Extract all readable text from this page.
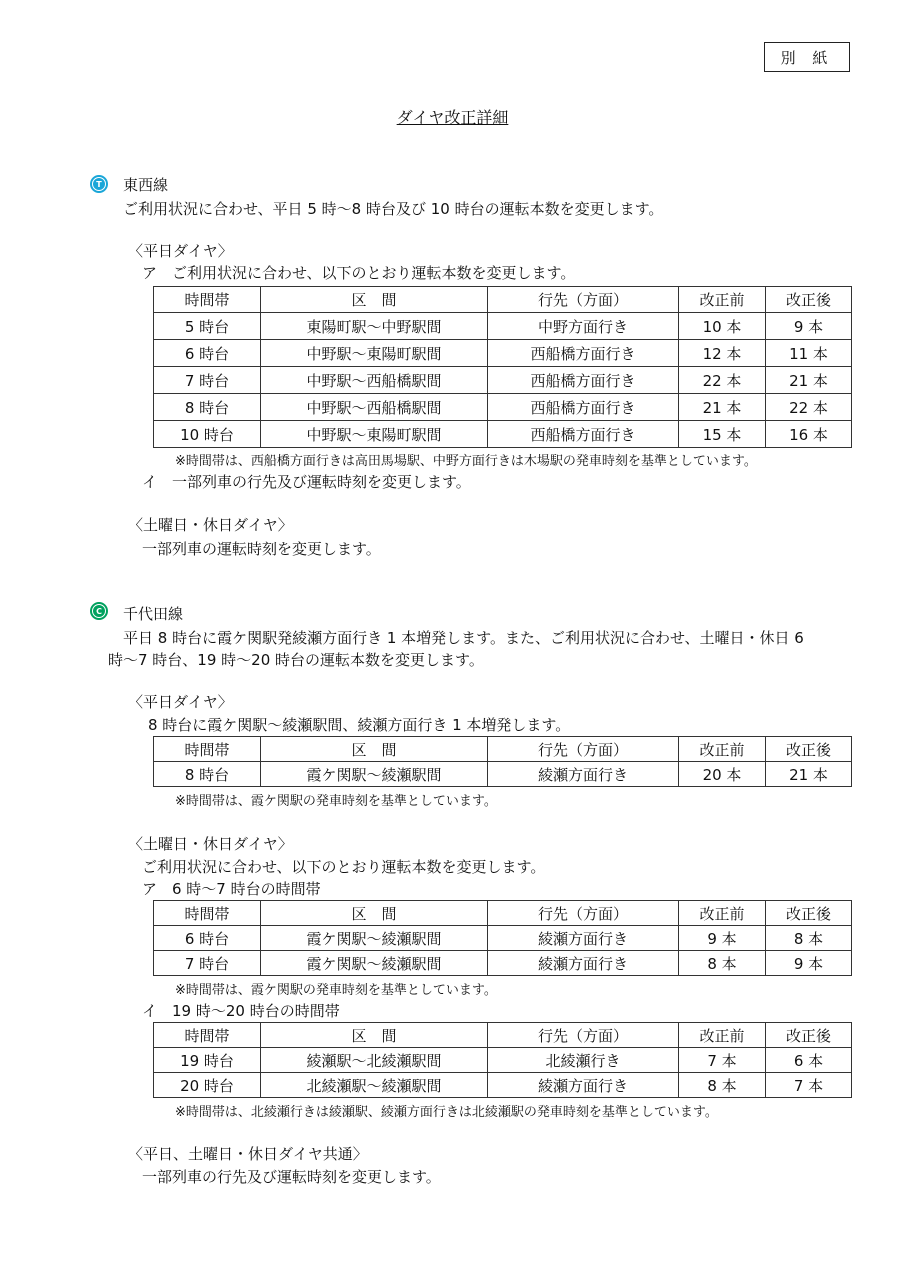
別 紙
ダイヤ改正詳細
T 東西線
ご利用状況に合わせ、平日 5 時～8 時台及び 10 時台の運転本数を変更します。
〈平日ダイヤ〉
ア　ご利用状況に合わせ、以下のとおり運転本数を変更します。
時間帯	区　間	行先（方面）	改正前	改正後
5 時台	東陽町駅～中野駅間	中野方面行き	10 本	9 本
6 時台	中野駅～東陽町駅間	西船橋方面行き	12 本	11 本
7 時台	中野駅～西船橋駅間	西船橋方面行き	22 本	21 本
8 時台	中野駅～西船橋駅間	西船橋方面行き	21 本	22 本
10 時台	中野駅～東陽町駅間	西船橋方面行き	15 本	16 本
※時間帯は、西船橋方面行きは高田馬場駅、中野方面行きは木場駅の発車時刻を基準としています。
イ　一部列車の行先及び運転時刻を変更します。
〈土曜日・休日ダイヤ〉
一部列車の運転時刻を変更します。
C 千代田線
平日 8 時台に霞ケ関駅発綾瀬方面行き 1 本増発します。また、ご利用状況に合わせ、土曜日・休日 6
時～7 時台、19 時～20 時台の運転本数を変更します。
〈平日ダイヤ〉
8 時台に霞ケ関駅～綾瀬駅間、綾瀬方面行き 1 本増発します。
時間帯	区　間	行先（方面）	改正前	改正後
8 時台	霞ケ関駅～綾瀬駅間	綾瀬方面行き	20 本	21 本
※時間帯は、霞ケ関駅の発車時刻を基準としています。
〈土曜日・休日ダイヤ〉
ご利用状況に合わせ、以下のとおり運転本数を変更します。
ア　6 時～7 時台の時間帯
時間帯	区　間	行先（方面）	改正前	改正後
6 時台	霞ケ関駅～綾瀬駅間	綾瀬方面行き	9 本	8 本
7 時台	霞ケ関駅～綾瀬駅間	綾瀬方面行き	8 本	9 本
※時間帯は、霞ケ関駅の発車時刻を基準としています。
イ　19 時～20 時台の時間帯
時間帯	区　間	行先（方面）	改正前	改正後
19 時台	綾瀬駅～北綾瀬駅間	北綾瀬行き	7 本	6 本
20 時台	北綾瀬駅～綾瀬駅間	綾瀬方面行き	8 本	7 本
※時間帯は、北綾瀬行きは綾瀬駅、綾瀬方面行きは北綾瀬駅の発車時刻を基準としています。
〈平日、土曜日・休日ダイヤ共通〉
一部列車の行先及び運転時刻を変更します。
